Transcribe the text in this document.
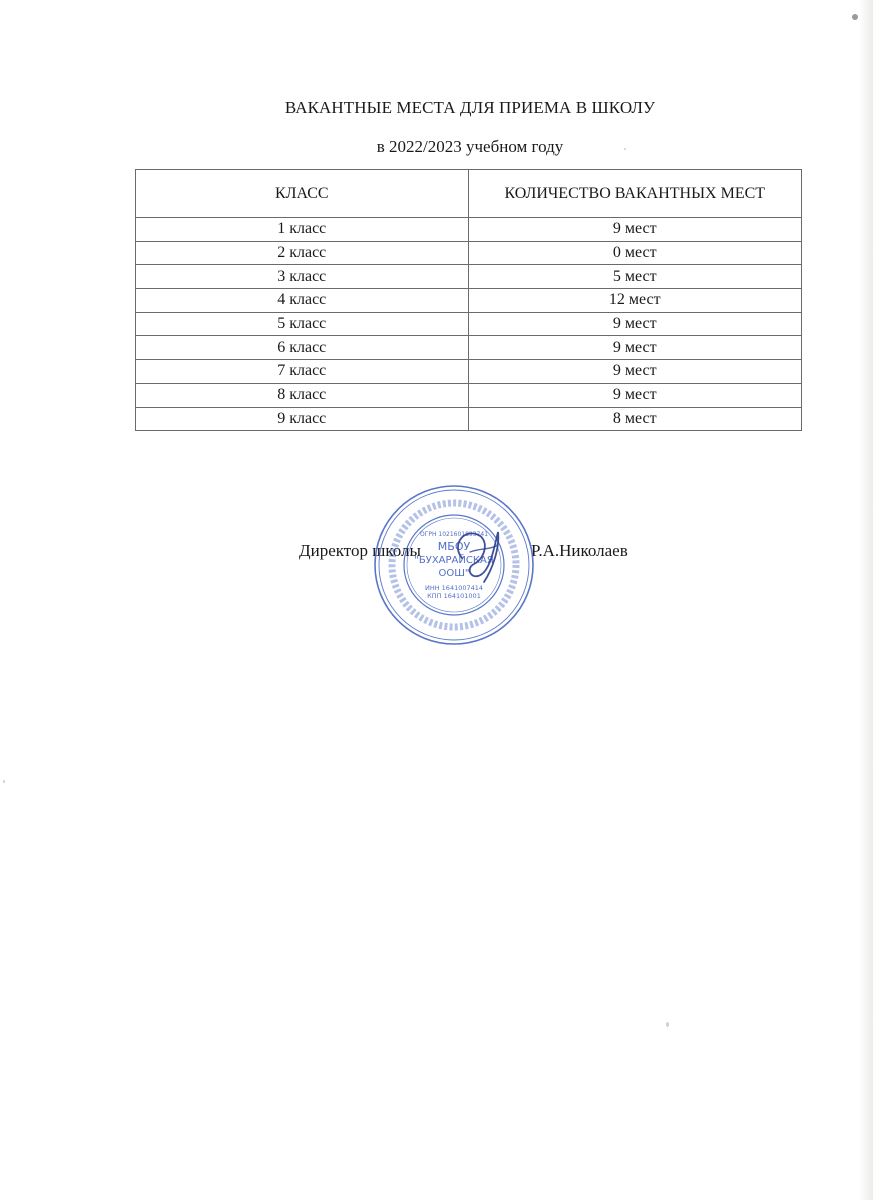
ВАКАНТНЫЕ МЕСТА ДЛЯ ПРИЕМА В ШКОЛУ
в 2022/2023 учебном году
КЛАСС	КОЛИЧЕСТВО ВАКАНТНЫХ МЕСТ
1 класс	9 мест
2 класс	0 мест
3 класс	5 мест
4 класс	12 мест
5 класс	9 мест
6 класс	9 мест
7 класс	9 мест
8 класс	9 мест
9 класс	8 мест
Директор школы	Р.А.Николаев
МБОУ
"БУХАРАЙСКАЯ
ООШ"
ИНН 1641007414
КПП 164101001
ОГРН 1021601893741
